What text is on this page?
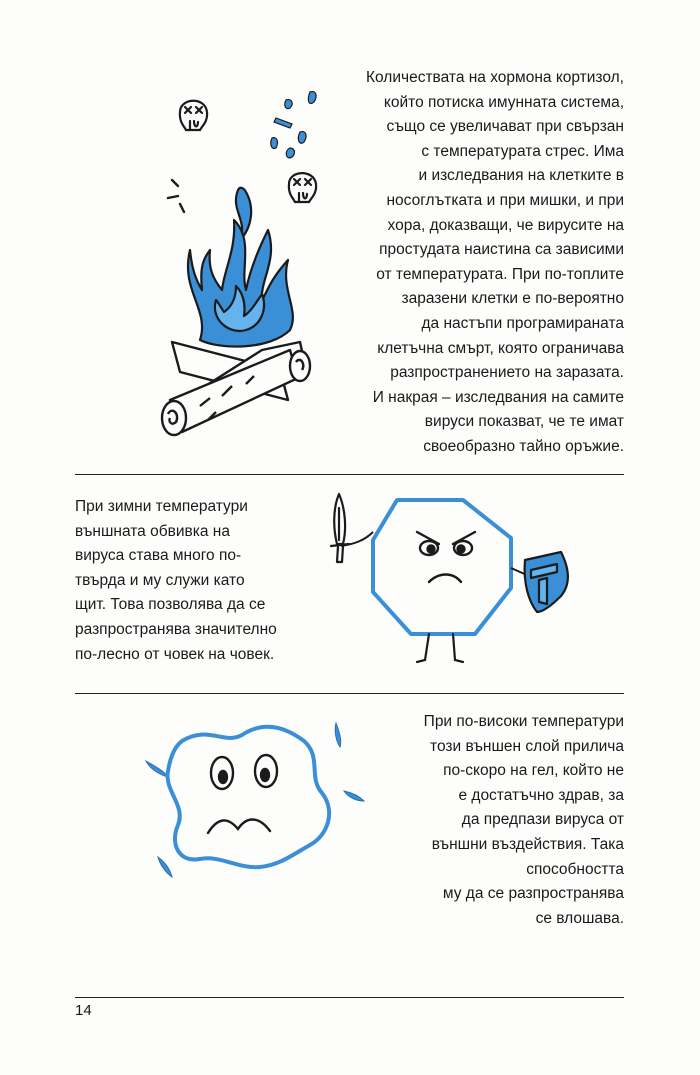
Количествата на хормона кортизол,
който потиска имунната система,
също се увеличават при свързан
с температурата стрес. Има
и изследвания на клетките в
носоглътката и при мишки, и при
хора, доказващи, че вирусите на
простудата наистина са зависими
от температурата. При по-топлите
заразени клетки е по-вероятно
да настъпи програмираната
клетъчна смърт, която ограничава
разпространението на заразата.
И накрая – изследвания на самите
вируси показват, че те имат
своеобразно тайно оръжие.

При зимни температури
външната обвивка на
вируса става много по-
твърда и му служи като
щит. Това позволява да се
разпространява значително
по-лесно от човек на човек.

При по-високи температури
този външен слой прилича
по-скоро на гел, който не
е достатъчно здрав, за
да предпази вируса от
външни въздействия. Така
способността
му да се разпространява
се влошава.

14
